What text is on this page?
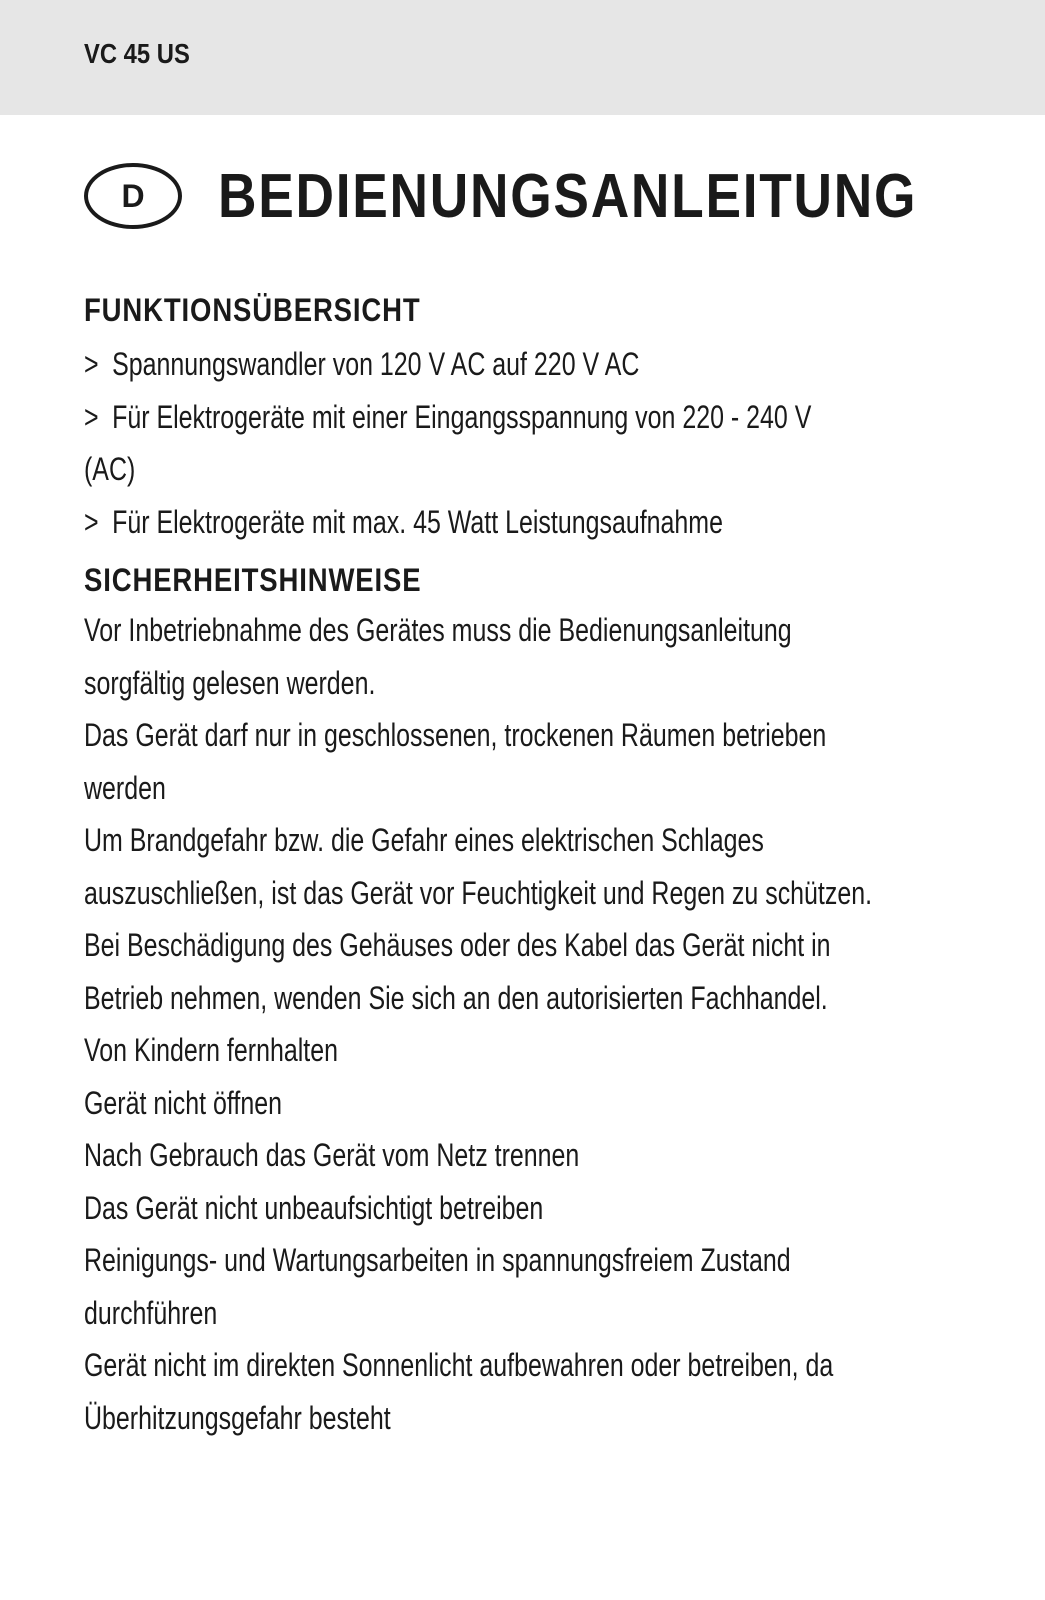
VC 45 US
D	BEDIENUNGSANLEITUNG
FUNKTIONSÜBERSICHT
> Spannungswandler von 120 V AC auf 220 V AC
> Für Elektrogeräte mit einer Eingangsspannung von 220 - 240 V
(AC)
> Für Elektrogeräte mit max. 45 Watt Leistungsaufnahme
SICHERHEITSHINWEISE
Vor Inbetriebnahme des Gerätes muss die Bedienungsanleitung
sorgfältig gelesen werden.
Das Gerät darf nur in geschlossenen, trockenen Räumen betrieben
werden
Um Brandgefahr bzw. die Gefahr eines elektrischen Schlages
auszuschließen, ist das Gerät vor Feuchtigkeit und Regen zu schützen.
Bei Beschädigung des Gehäuses oder des Kabel das Gerät nicht in
Betrieb nehmen, wenden Sie sich an den autorisierten Fachhandel.
Von Kindern fernhalten
Gerät nicht öffnen
Nach Gebrauch das Gerät vom Netz trennen
Das Gerät nicht unbeaufsichtigt betreiben
Reinigungs- und Wartungsarbeiten in spannungsfreiem Zustand
durchführen
Gerät nicht im direkten Sonnenlicht aufbewahren oder betreiben, da
Überhitzungsgefahr besteht
